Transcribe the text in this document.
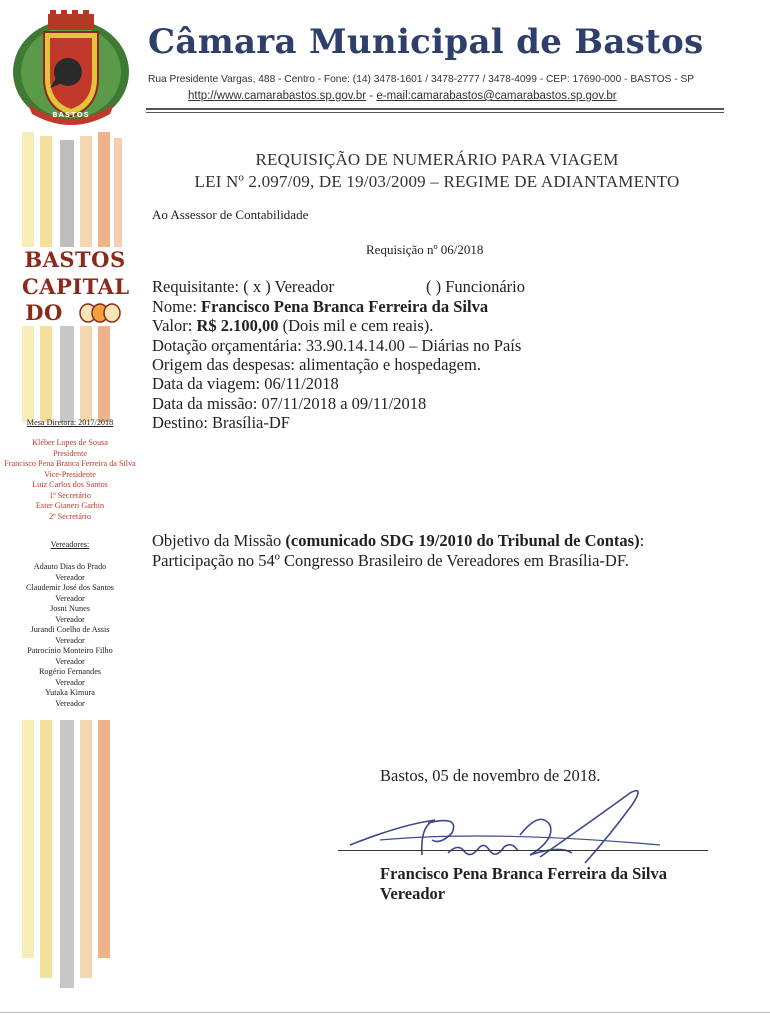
BASTOS
BASTOS
CAPITAL
DO
Mesa Diretora: 2017/2018
Kléber Lopes de Sousa
Presidente
Francisco Pena Branca Ferreira da Silva
Vice-Presidente
Luiz Carlos dos Santos
1º Secretário
Ester Gianeri Garbin
2º Secretário
Vereadores:
Adauto Dias do Prado
Vereador
Claudemir José dos Santos
Vereador
Josni Nunes
Vereador
Jurandi Coelho de Assis
Vereador
Patrocínio Monteiro Filho
Vereador
Rogério Fernandes
Vereador
Yutaka Kimura
Vereador
Câmara Municipal de Bastos
Rua Presidente Vargas, 488 - Centro - Fone: (14) 3478-1601 / 3478-2777 / 3478-4099 - CEP: 17690-000 - BASTOS - SP
http://www.camarabastos.sp.gov.br - e-mail:camarabastos@camarabastos.sp.gov.br
REQUISIÇÃO DE NUMERÁRIO PARA VIAGEM
LEI Nº 2.097/09, DE 19/03/2009 – REGIME DE ADIANTAMENTO
Ao Assessor de Contabilidade
Requisição nº 06/2018
Requisitante: ( x ) Vereador	( ) Funcionário
Nome: Francisco Pena Branca Ferreira da Silva
Valor: R$ 2.100,00 (Dois mil e cem reais).
Dotação orçamentária: 33.90.14.14.00 – Diárias no País
Origem das despesas: alimentação e hospedagem.
Data da viagem: 06/11/2018
Data da missão: 07/11/2018 a 09/11/2018
Destino: Brasília-DF
Objetivo da Missão (comunicado SDG 19/2010 do Tribunal de Contas):
Participação no 54º Congresso Brasileiro de Vereadores em Brasília-DF.
Bastos, 05 de novembro de 2018.
Francisco Pena Branca Ferreira da Silva
Vereador
